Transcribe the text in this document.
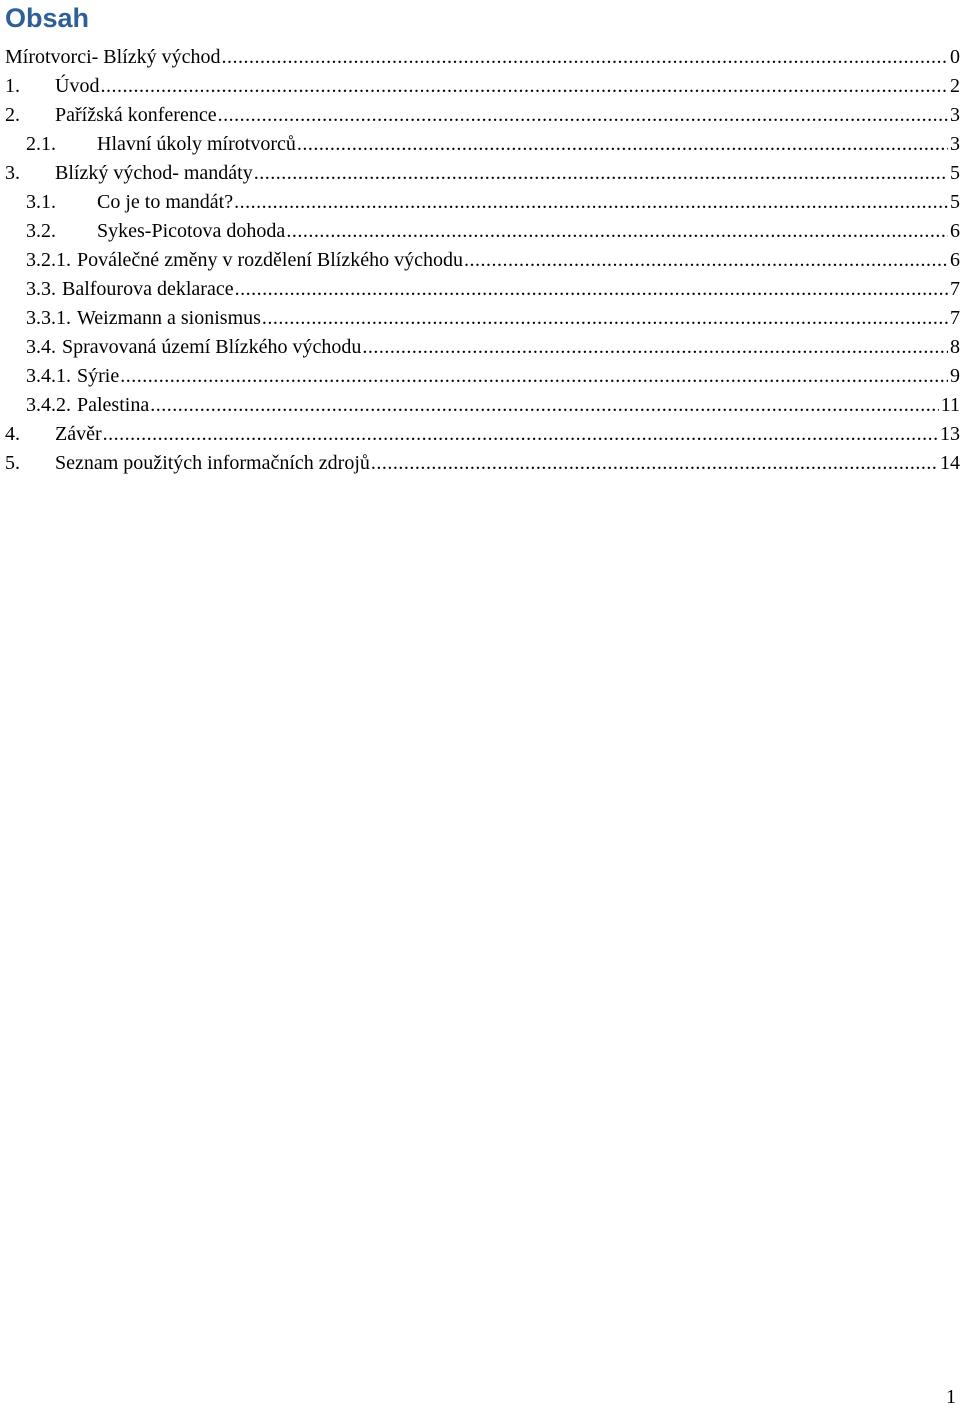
Obsah
Mírotvorci- Blízký východ .....	0
1.	Úvod .....	2
2.	Pařížská konference .....	3
2.1.	Hlavní úkoly mírotvorců .....	3
3.	Blízký východ- mandáty .....	5
3.1.	Co je to mandát? .....	5
3.2.	Sykes-Picotova dohoda .....	6
3.2.1. Poválečné změny v rozdělení Blízkého východu .....	6
3.3. Balfourova deklarace .....	7
3.3.1. Weizmann a sionismus .....	7
3.4. Spravovaná území Blízkého východu .....	8
3.4.1. Sýrie .....	9
3.4.2. Palestina .....	11
4.	Závěr .....	13
5.	Seznam použitých informačních zdrojů .....	14
1
